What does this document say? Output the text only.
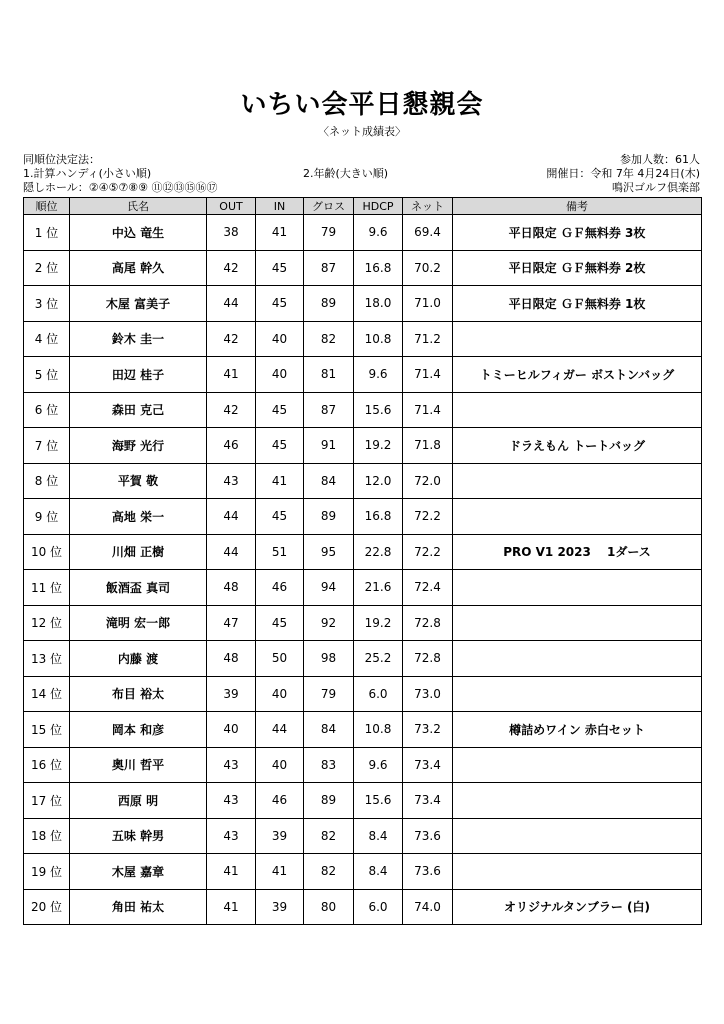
いちい会平日懇親会
〈ネット成績表〉
同順位決定法：
1.計算ハンディ(小さい順)	2.年齢(大きい順)
隠しホール：②④⑤⑦⑧⑨ ⑪⑫⑬⑮⑯⑰
参加人数：61人
開催日：令和 7年 4月24日(木)
鳴沢ゴルフ倶楽部
順位	氏名	OUT	IN	グロス	HDCP	ネット	備考
1 位	中込 竜生	38	41	79	9.6	69.4	平日限定 ＧＦ無料券 3枚
2 位	高尾 幹久	42	45	87	16.8	70.2	平日限定 ＧＦ無料券 2枚
3 位	木屋 富美子	44	45	89	18.0	71.0	平日限定 ＧＦ無料券 1枚
4 位	鈴木 圭一	42	40	82	10.8	71.2	
5 位	田辺 桂子	41	40	81	9.6	71.4	トミーヒルフィガー ボストンバッグ
6 位	森田 克己	42	45	87	15.6	71.4	
7 位	海野 光行	46	45	91	19.2	71.8	ドラえもん トートバッグ
8 位	平賀 敬	43	41	84	12.0	72.0	
9 位	高地 栄一	44	45	89	16.8	72.2	
10 位	川畑 正樹	44	51	95	22.8	72.2	PRO V1 2023　 1ダース
11 位	飯酒盃 真司	48	46	94	21.6	72.4	
12 位	滝明 宏一郎	47	45	92	19.2	72.8	
13 位	内藤 渡	48	50	98	25.2	72.8	
14 位	布目 裕太	39	40	79	6.0	73.0	
15 位	岡本 和彦	40	44	84	10.8	73.2	樽詰めワイン 赤白セット
16 位	奥川 哲平	43	40	83	9.6	73.4	
17 位	西原 明	43	46	89	15.6	73.4	
18 位	五味 幹男	43	39	82	8.4	73.6	
19 位	木屋 嘉章	41	41	82	8.4	73.6	
20 位	角田 祐太	41	39	80	6.0	74.0	オリジナルタンブラー (白)
